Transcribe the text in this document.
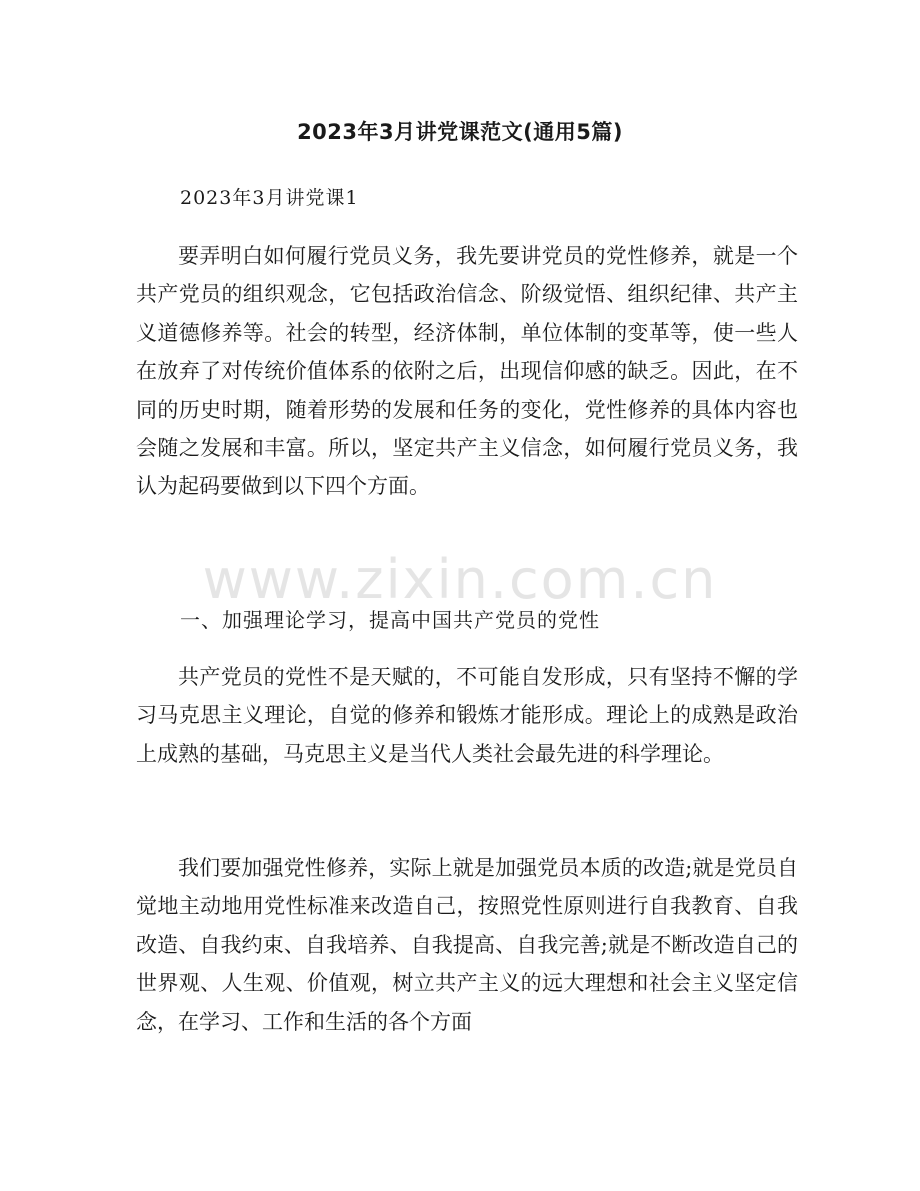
2023年3月讲党课范文(通用5篇)

2023年3月讲党课1

要弄明白如何履行党员义务，我先要讲党员的党性修养，就是一个共产党员的组织观念，它包括政治信念、阶级觉悟、组织纪律、共产主义道德修养等。社会的转型，经济体制，单位体制的变革等，使一些人在放弃了对传统价值体系的依附之后，出现信仰感的缺乏。因此，在不同的历史时期，随着形势的发展和任务的变化，党性修养的具体内容也会随之发展和丰富。所以，坚定共产主义信念，如何履行党员义务，我认为起码要做到以下四个方面。

www.zixin.com.cn

一、加强理论学习，提高中国共产党员的党性

共产党员的党性不是天赋的，不可能自发形成，只有坚持不懈的学习马克思主义理论，自觉的修养和锻炼才能形成。理论上的成熟是政治上成熟的基础，马克思主义是当代人类社会最先进的科学理论。

我们要加强党性修养，实际上就是加强党员本质的改造;就是党员自觉地主动地用党性标准来改造自己，按照党性原则进行自我教育、自我改造、自我约束、自我培养、自我提高、自我完善;就是不断改造自己的世界观、人生观、价值观，树立共产主义的远大理想和社会主义坚定信念，在学习、工作和生活的各个方面
